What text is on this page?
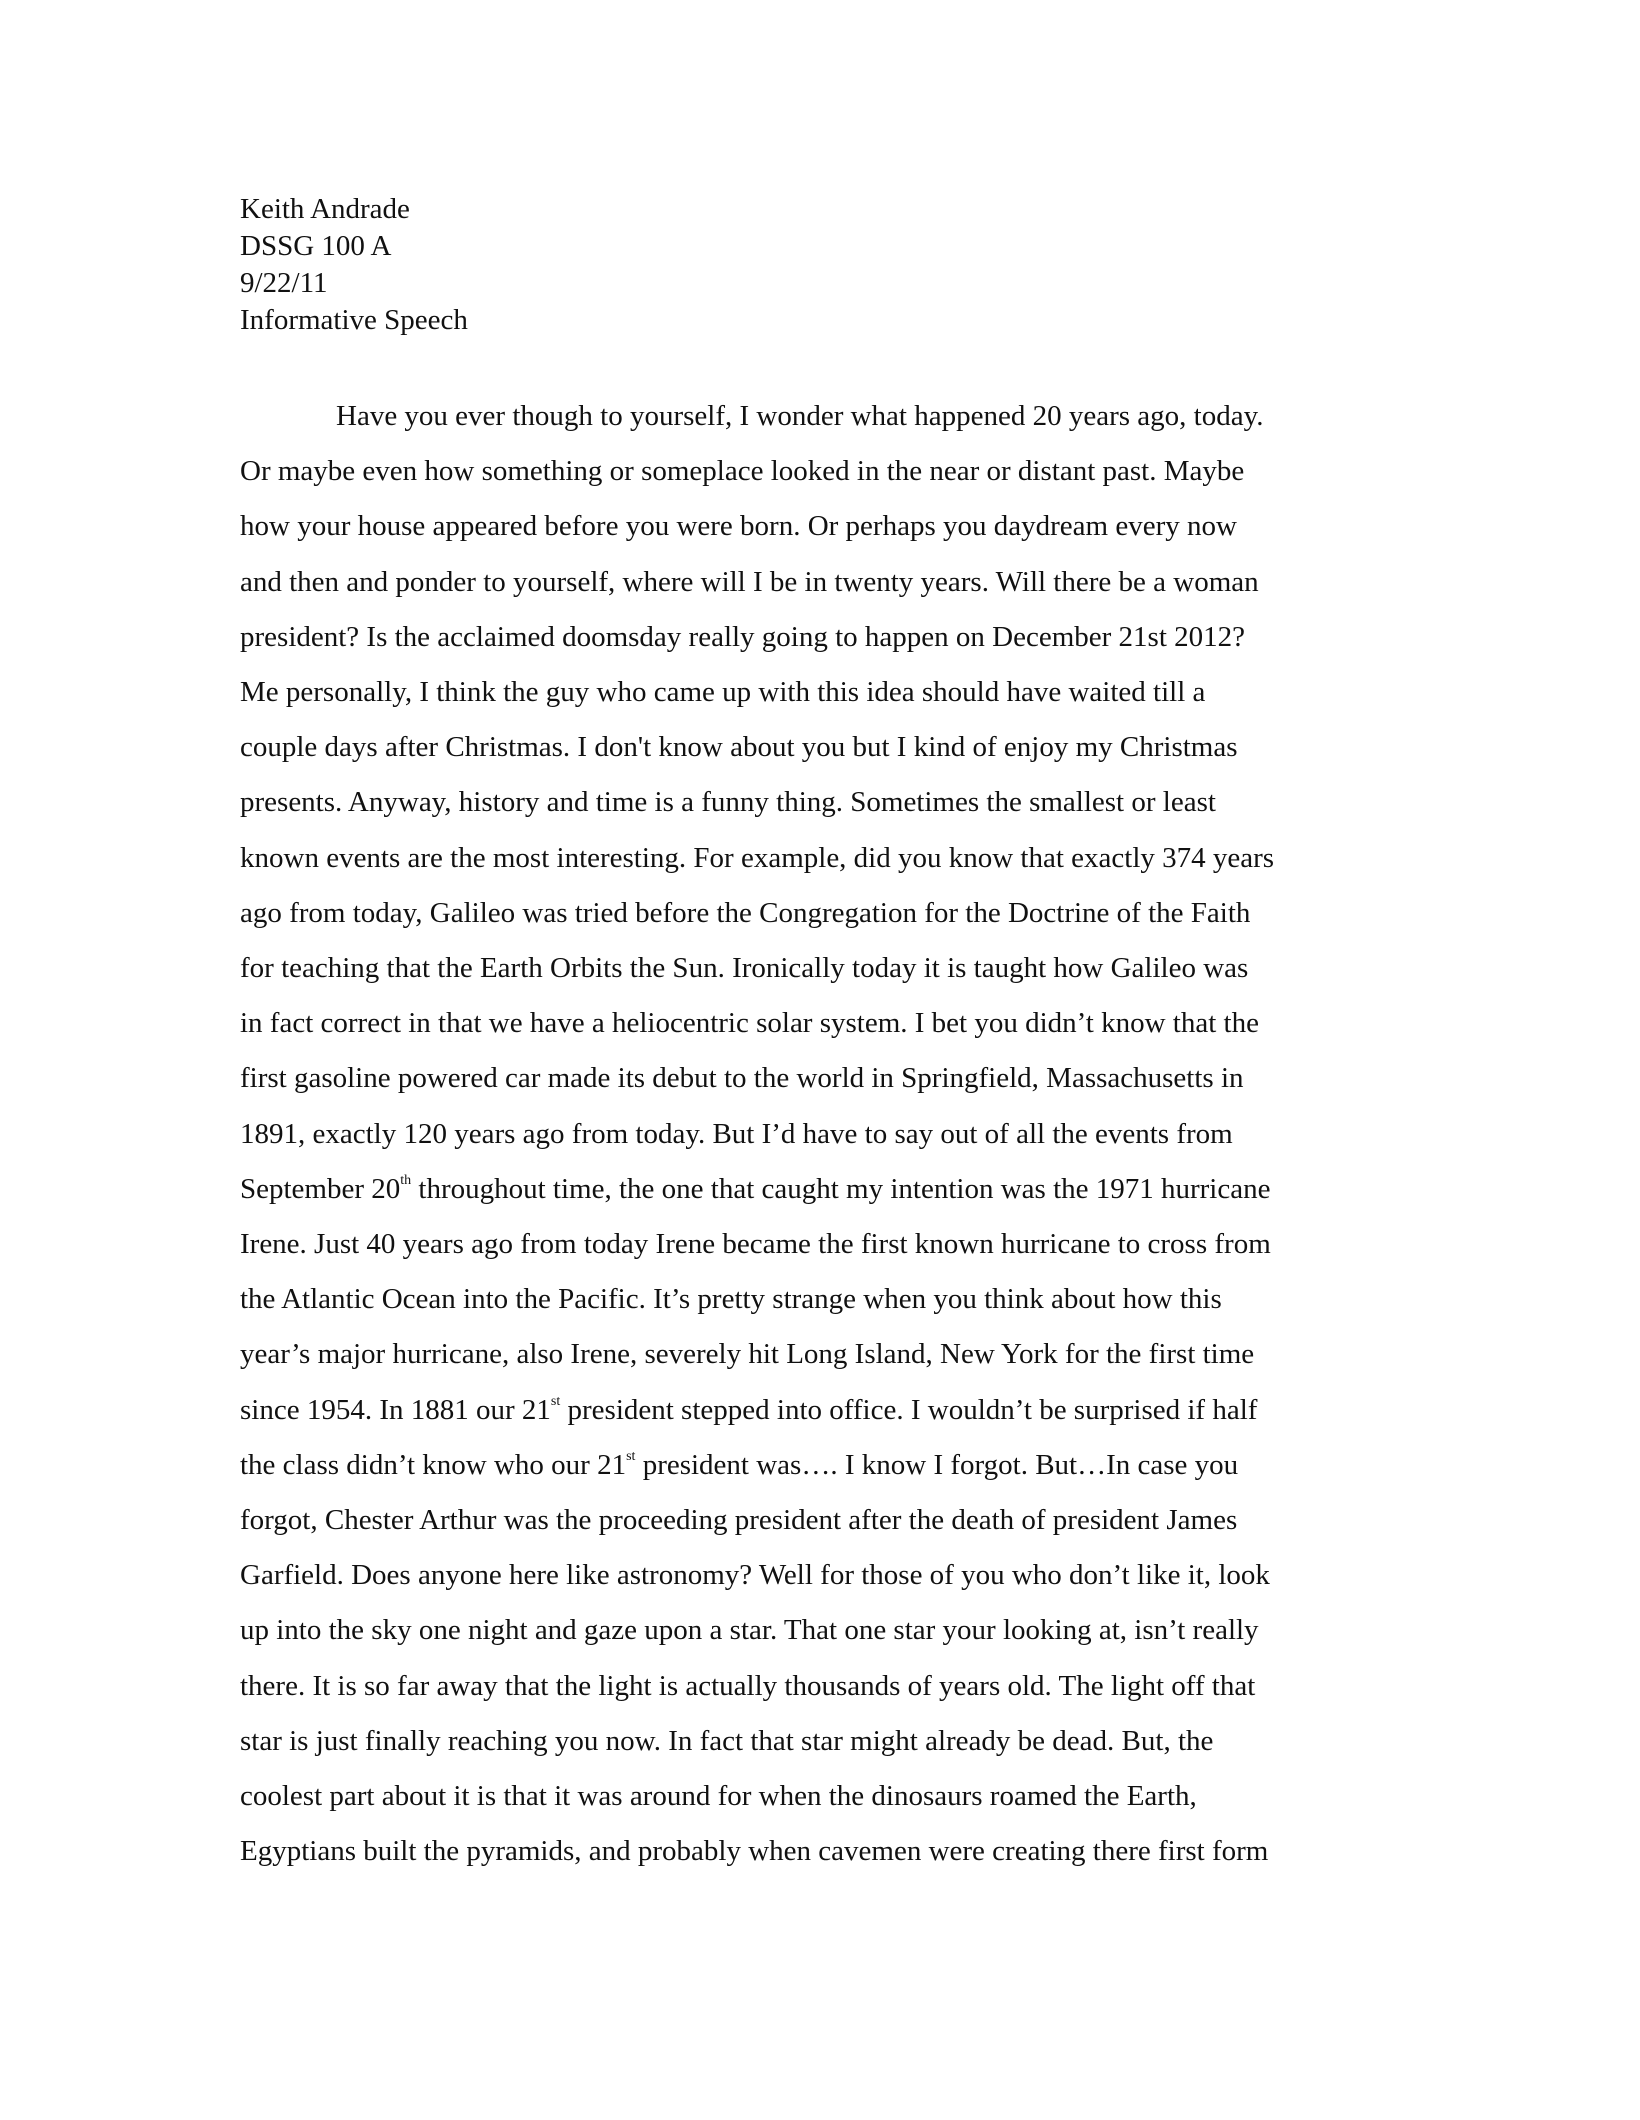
Keith Andrade
DSSG 100 A
9/22/11
Informative Speech
Have you ever though to yourself, I wonder what happened 20 years ago, today.
Or maybe even how something or someplace looked in the near or distant past. Maybe
how your house appeared before you were born. Or perhaps you daydream every now
and then and ponder to yourself, where will I be in twenty years. Will there be a woman
president? Is the acclaimed doomsday really going to happen on December 21st 2012?
Me personally, I think the guy who came up with this idea should have waited till a
couple days after Christmas. I don't know about you but I kind of enjoy my Christmas
presents. Anyway, history and time is a funny thing. Sometimes the smallest or least
known events are the most interesting. For example, did you know that exactly 374 years
ago from today, Galileo was tried before the Congregation for the Doctrine of the Faith
for teaching that the Earth Orbits the Sun. Ironically today it is taught how Galileo was
in fact correct in that we have a heliocentric solar system. I bet you didn’t know that the
first gasoline powered car made its debut to the world in Springfield, Massachusetts in
1891, exactly 120 years ago from today. But I’d have to say out of all the events from
September 20th throughout time, the one that caught my intention was the 1971 hurricane
Irene. Just 40 years ago from today Irene became the first known hurricane to cross from
the Atlantic Ocean into the Pacific. It’s pretty strange when you think about how this
year’s major hurricane, also Irene, severely hit Long Island, New York for the first time
since 1954. In 1881 our 21st president stepped into office. I wouldn’t be surprised if half
the class didn’t know who our 21st president was…. I know I forgot. But…In case you
forgot, Chester Arthur was the proceeding president after the death of president James
Garfield. Does anyone here like astronomy? Well for those of you who don’t like it, look
up into the sky one night and gaze upon a star. That one star your looking at, isn’t really
there. It is so far away that the light is actually thousands of years old. The light off that
star is just finally reaching you now. In fact that star might already be dead. But, the
coolest part about it is that it was around for when the dinosaurs roamed the Earth,
Egyptians built the pyramids, and probably when cavemen were creating there first form
